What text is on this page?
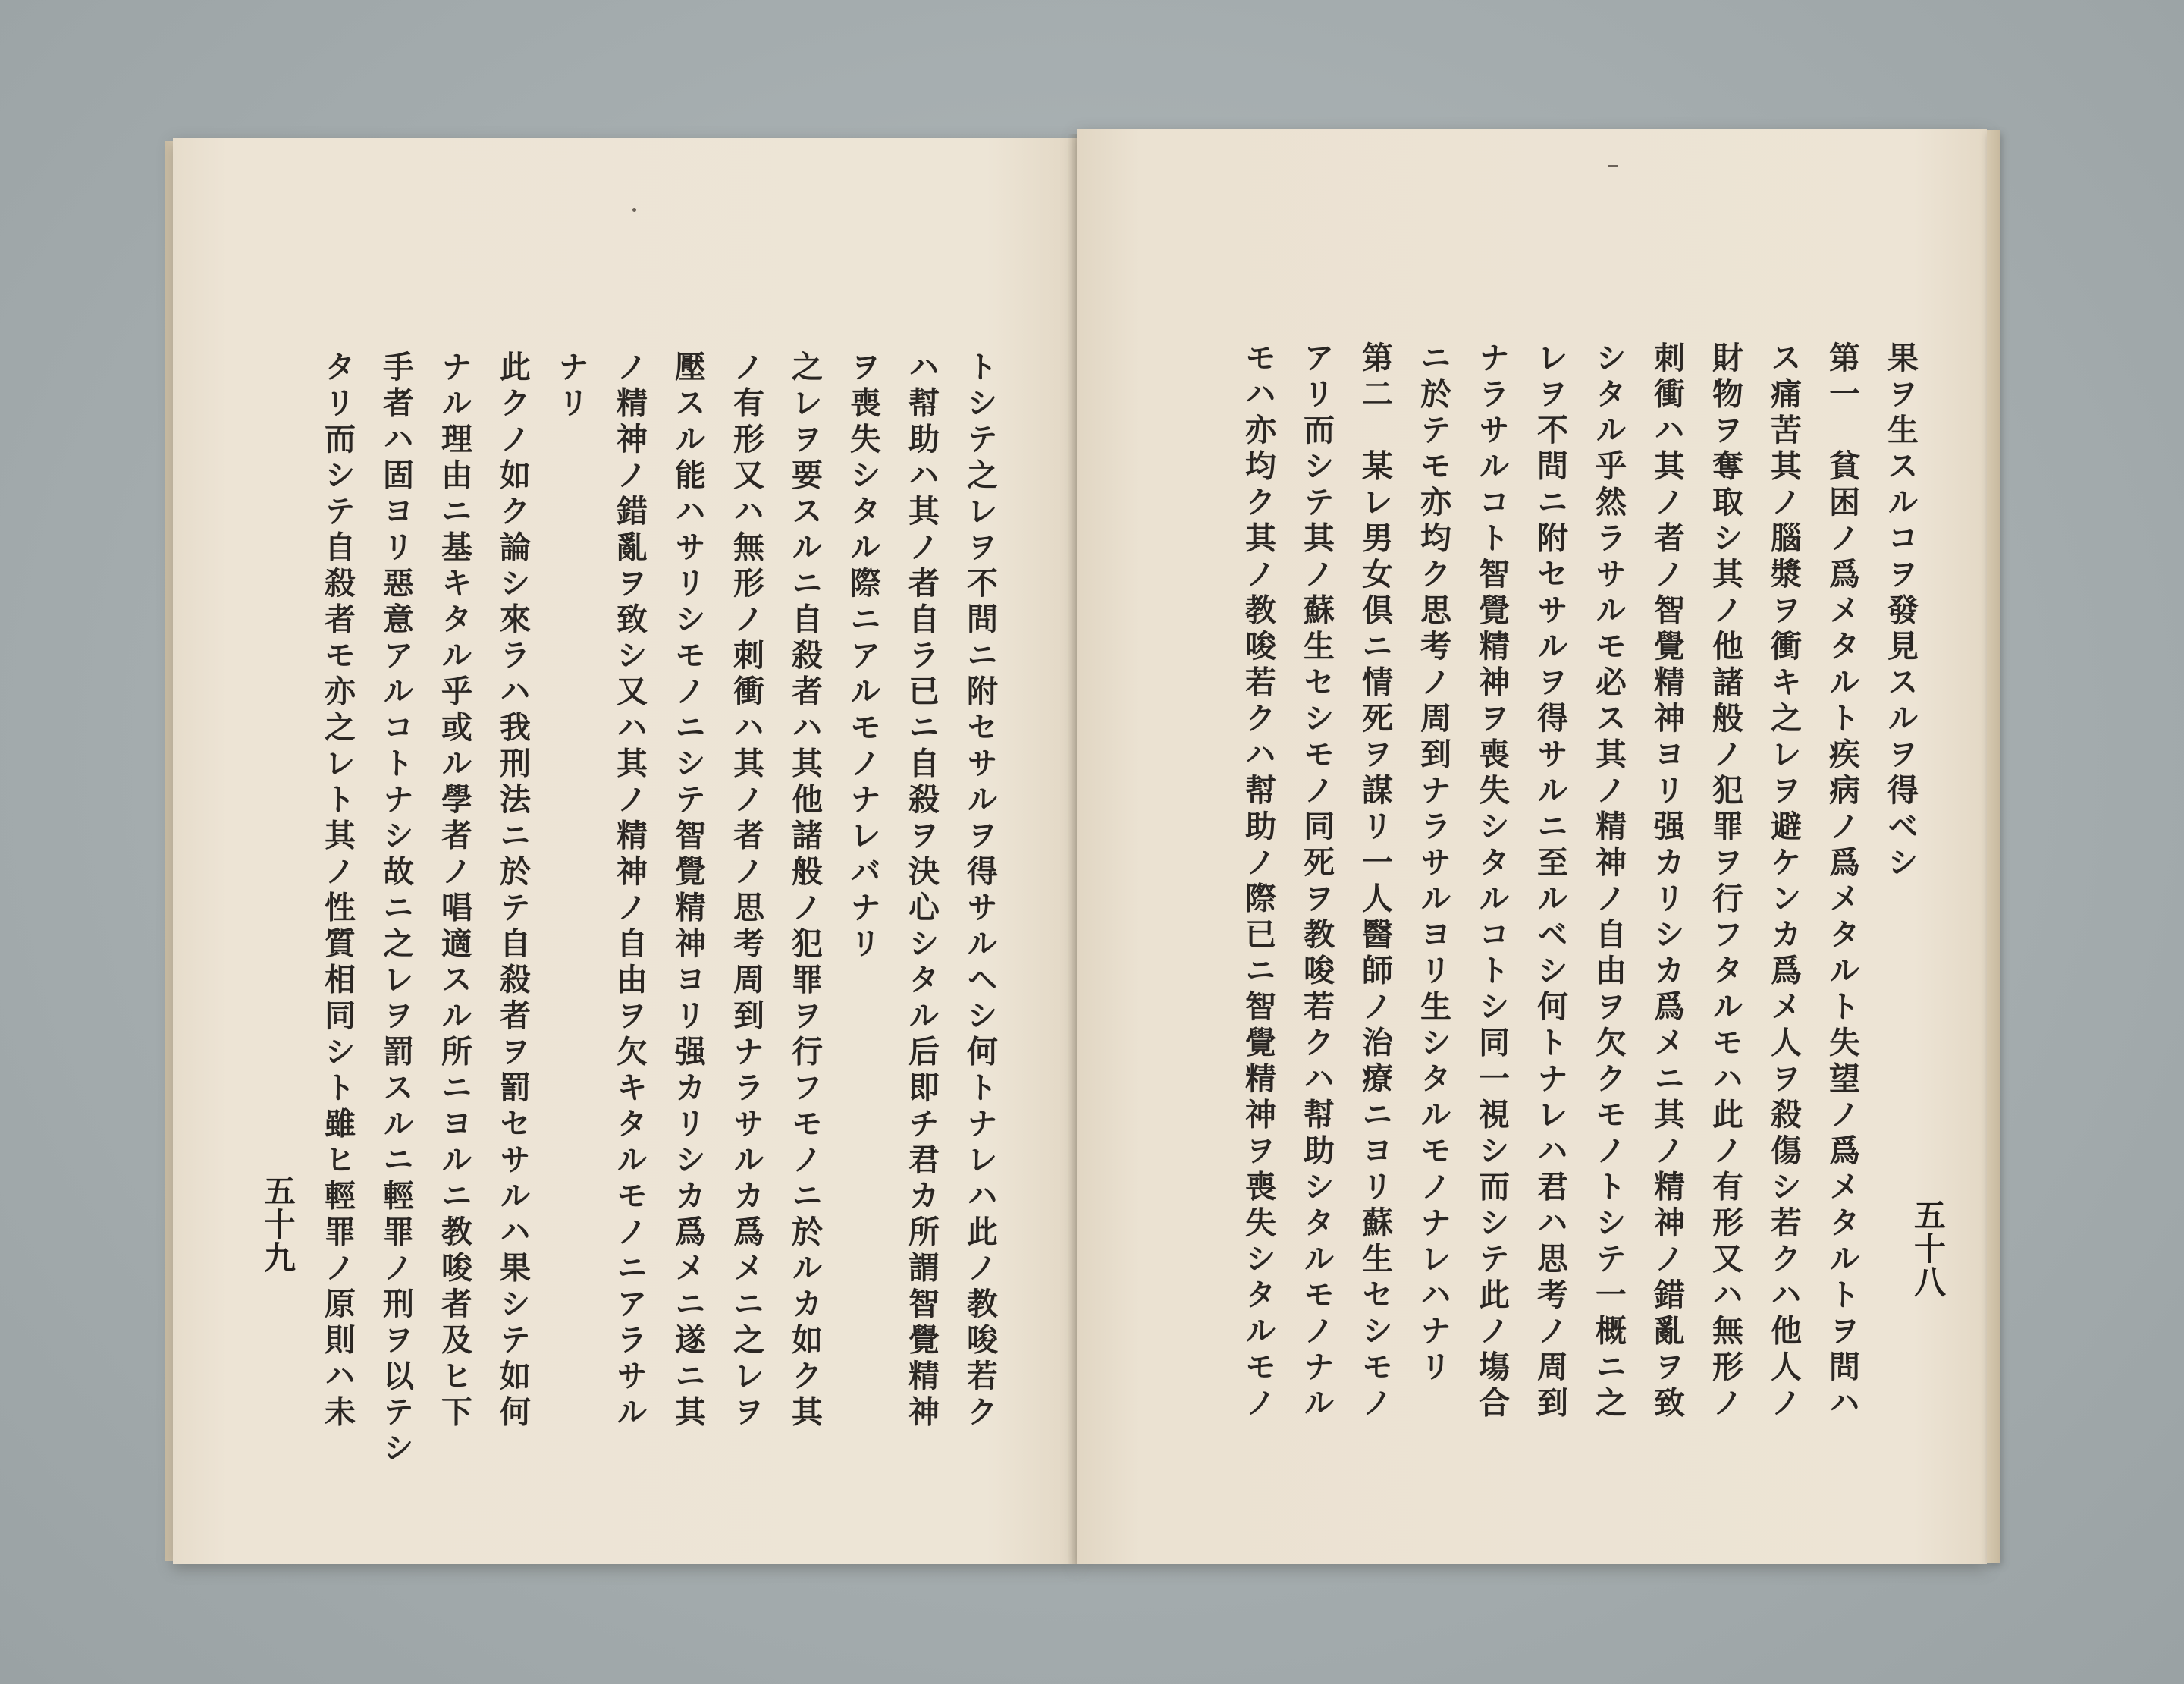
トシテ之レヲ不問ニ附セサルヲ得サルヘシ何トナレハ此ノ教唆若ク
ハ幇助ハ其ノ者自ラ已ニ自殺ヲ決心シタル后即チ君カ所謂智覺精神
ヲ喪失シタル際ニアルモノナレバナリ
之レヲ要スルニ自殺者ハ其他諸般ノ犯罪ヲ行フモノニ於ルカ如ク其
ノ有形又ハ無形ノ刺衝ハ其ノ者ノ思考周到ナラサルカ爲メニ之レヲ
壓スル能ハサリシモノニシテ智覺精神ヨリ强カリシカ爲メニ遂ニ其
ノ精神ノ錯亂ヲ致シ又ハ其ノ精神ノ自由ヲ欠キタルモノニアラサル
ナリ
此クノ如ク論シ來ラハ我刑法ニ於テ自殺者ヲ罰セサルハ果シテ如何
ナル理由ニ基キタル乎或ル學者ノ唱適スル所ニヨルニ教唆者及ヒ下
手者ハ固ヨリ惡意アルコトナシ故ニ之レヲ罰スルニ輕罪ノ刑ヲ以テシ
タリ而シテ自殺者モ亦之レト其ノ性質相同シト雖ヒ輕罪ノ原則ハ未
五十九
果ヲ生スルコヲ發見スルヲ得ベシ
第一　貧困ノ爲メタルト疾病ノ爲メタルト失望ノ爲メタルトヲ問ハ
ス痛苦其ノ腦漿ヲ衝キ之レヲ避ケンカ爲メ人ヲ殺傷シ若クハ他人ノ
財物ヲ奪取シ其ノ他諸般ノ犯罪ヲ行フタルモハ此ノ有形又ハ無形ノ
刺衝ハ其ノ者ノ智覺精神ヨリ强カリシカ爲メニ其ノ精神ノ錯亂ヲ致
シタル乎然ラサルモ必ス其ノ精神ノ自由ヲ欠クモノトシテ一概ニ之
レヲ不問ニ附セサルヲ得サルニ至ルベシ何トナレハ君ハ思考ノ周到
ナラサルコト智覺精神ヲ喪失シタルコトシ同一視シ而シテ此ノ塲合
ニ於テモ亦均ク思考ノ周到ナラサルヨリ生シタルモノナレハナリ
第二　某レ男女倶ニ情死ヲ謀リ一人醫師ノ治療ニヨリ蘇生セシモノ
アリ而シテ其ノ蘇生セシモノ同死ヲ教唆若クハ幇助シタルモノナル
モハ亦均ク其ノ教唆若クハ幇助ノ際已ニ智覺精神ヲ喪失シタルモノ	五十八
